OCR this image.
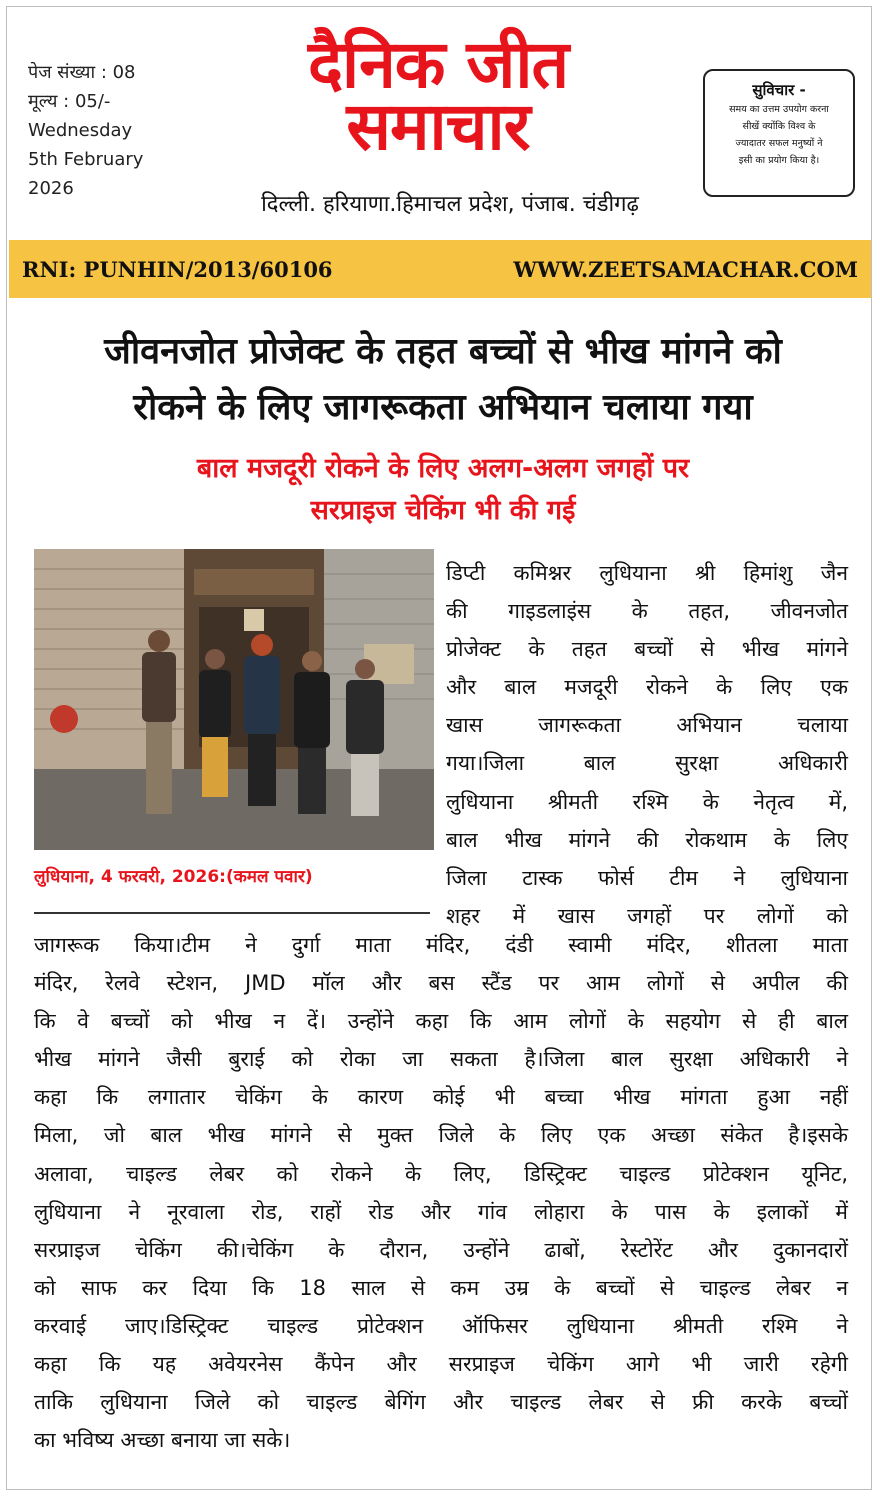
पेज संख्या : 08
मूल्य : 05/-
Wednesday
5th February
2026
दैनिक जीत
समाचार
दिल्ली. हरियाणा.हिमाचल प्रदेश, पंजाब. चंडीगढ़
सुविचार -
समय का उत्तम उपयोग करना
सीखें क्योंकि विश्व के
ज्यादातर सफल मनुष्यों ने
इसी का प्रयोग किया है।
RNI: PUNHIN/2013/60106	WWW.ZEETSAMACHAR.COM
जीवनजोत प्रोजेक्ट के तहत बच्चों से भीख मांगने को
रोकने के लिए जागरूकता अभियान चलाया गया
बाल मजदूरी रोकने के लिए अलग-अलग जगहों पर
सरप्राइज चेकिंग भी की गई
लुधियाना, 4 फरवरी, 2026:(कमल पवार)
डिप्टी कमिश्नर लुधियाना श्री हिमांशु जैन
की गाइडलाइंस के तहत, जीवनजोत
प्रोजेक्ट के तहत बच्चों से भीख मांगने
और बाल मजदूरी रोकने के लिए एक
खास जागरूकता अभियान चलाया
गया।जिला बाल सुरक्षा अधिकारी
लुधियाना श्रीमती रश्मि के नेतृत्व में,
बाल भीख मांगने की रोकथाम के लिए
जिला टास्क फोर्स टीम ने लुधियाना
शहर में खास जगहों पर लोगों को
जागरूक किया।टीम ने दुर्गा माता मंदिर, दंडी स्वामी मंदिर, शीतला माता
मंदिर, रेलवे स्टेशन, JMD मॉल और बस स्टैंड पर आम लोगों से अपील की
कि वे बच्चों को भीख न दें। उन्होंने कहा कि आम लोगों के सहयोग से ही बाल
भीख मांगने जैसी बुराई को रोका जा सकता है।जिला बाल सुरक्षा अधिकारी ने
कहा कि लगातार चेकिंग के कारण कोई भी बच्चा भीख मांगता हुआ नहीं
मिला, जो बाल भीख मांगने से मुक्त जिले के लिए एक अच्छा संकेत है।इसके
अलावा, चाइल्ड लेबर को रोकने के लिए, डिस्ट्रिक्ट चाइल्ड प्रोटेक्शन यूनिट,
लुधियाना ने नूरवाला रोड, राहों रोड और गांव लोहारा के पास के इलाकों में
सरप्राइज चेकिंग की।चेकिंग के दौरान, उन्होंने ढाबों, रेस्टोरेंट और दुकानदारों
को साफ कर दिया कि 18 साल से कम उम्र के बच्चों से चाइल्ड लेबर न
करवाई जाए।डिस्ट्रिक्ट चाइल्ड प्रोटेक्शन ऑफिसर लुधियाना श्रीमती रश्मि ने
कहा कि यह अवेयरनेस कैंपेन और सरप्राइज चेकिंग आगे भी जारी रहेगी
ताकि लुधियाना जिले को चाइल्ड बेगिंग और चाइल्ड लेबर से फ्री करके बच्चों
का भविष्य अच्छा बनाया जा सके।
